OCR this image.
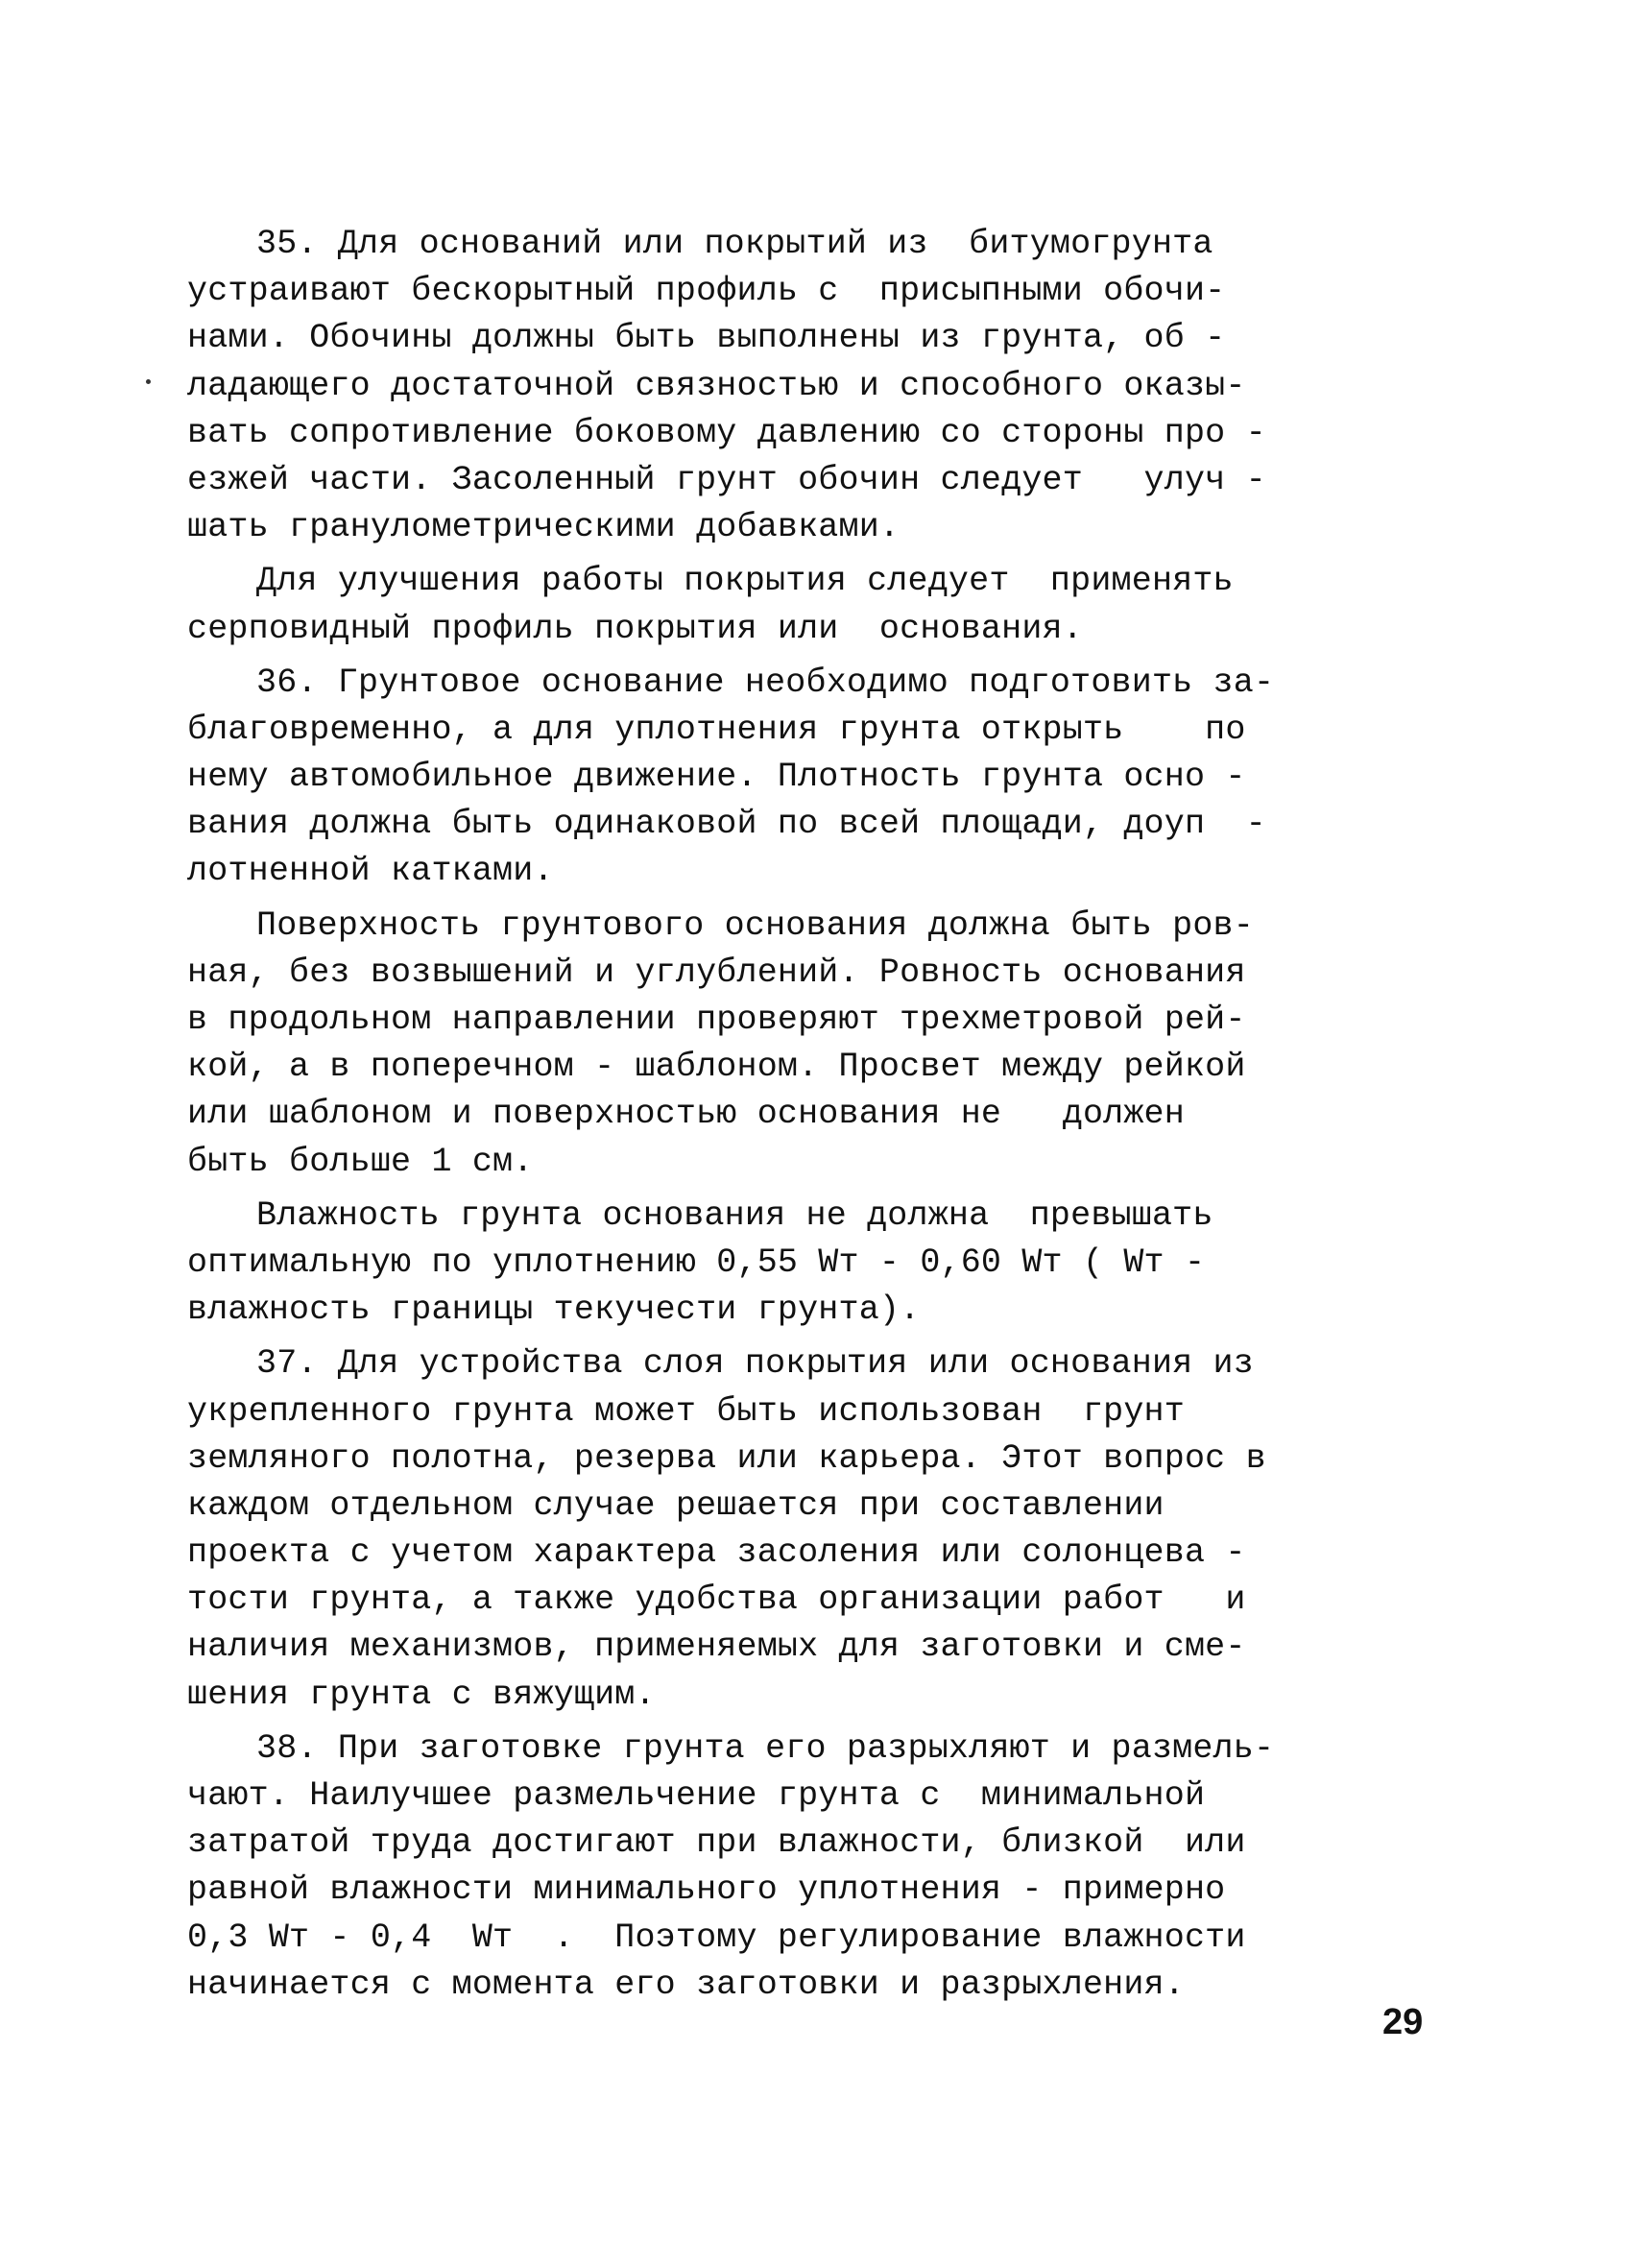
35. Для оснований или покрытий из  битумогрунта
устраивают бескорытный профиль с  присыпными обочи-
нами. Обочины должны быть выполнены из грунта, об -
ладающего достаточной связностью и способного оказы-
вать сопротивление боковому давлению со стороны про -
езжей части. Засоленный грунт обочин следует   улуч -
шать гранулометрическими добавками.
Для улучшения работы покрытия следует  применять
серповидный профиль покрытия или  основания.
36. Грунтовое основание необходимо подготовить за-
благовременно, а для уплотнения грунта открыть    по
нему автомобильное движение. Плотность грунта осно -
вания должна быть одинаковой по всей площади, доуп  -
лотненной катками.
Поверхность грунтового основания должна быть ров-
ная, без возвышений и углублений. Ровность основания
в продольном направлении проверяют трехметровой рей-
кой, а в поперечном - шаблоном. Просвет между рейкой
или шаблоном и поверхностью основания не   должен
быть больше 1 см.
Влажность грунта основания не должна  превышать
оптимальную по уплотнению 0,55 Wт - 0,60 Wт ( Wт -
влажность границы текучести грунта).
37. Для устройства слоя покрытия или основания из
укрепленного грунта может быть использован  грунт
земляного полотна, резерва или карьера. Этот вопрос в
каждом отдельном случае решается при составлении
проекта с учетом характера засоления или солонцева -
тости грунта, а также удобства организации работ   и
наличия механизмов, применяемых для заготовки и сме-
шения грунта с вяжущим.
38. При заготовке грунта его разрыхляют и размель-
чают. Наилучшее размельчение грунта с  минимальной
затратой труда достигают при влажности, близкой  или
равной влажности минимального уплотнения - примерно
0,3 Wт - 0,4  Wт  .  Поэтому регулирование влажности
начинается с момента его заготовки и разрыхления.
29
